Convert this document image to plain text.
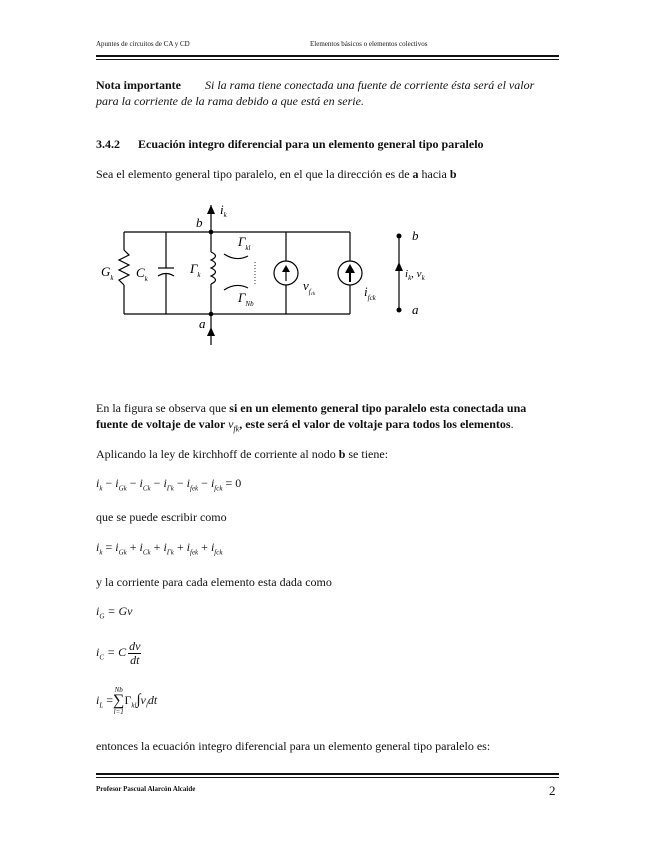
Apuntes de circuitos de CA y CD	Elementos básicos o elementos colectivos
Nota importante Si la rama tiene conectada una fuente de corriente ésta será el valor para la corriente de la rama debido a que está en serie.
3.4.2 Ecuación integro diferencial para un elemento general tipo paralelo
Sea el elemento general tipo paralelo, en el que la dirección es de a hacia b
b
a
$i_k$
$G_k$ $C_k$
$\Gamma_k$
$\Gamma_{kl}$
$\Gamma_{Nb}$
$v_fck$	$i_{fck}$
b
a
$i_k$, $v_k$
En la figura se observa que si en un elemento general tipo paralelo esta conectada una fuente de voltaje de valor $v_{fk}$, este será el valor de voltaje para todos los elementos.
Aplicando la ley de kirchhoff de corriente al nodo b se tiene:
$i_k - i_{Gk} - i_{Ck} - i_{\Gamma k} - i_{fek} - i_{fck} = 0$
que se puede escribir como
$i_k = i_{Gk} + i_{Ck} + i_{\Gamma k} + i_{fek} + i_{fck}$
y la corriente para cada elemento esta dada como
$i_G = Gv$
$i_C = C \frac{dv}{dt}$
$i_L$ =
Nb
∑
l=1
$\Gamma_{kl}\int v_ldt$
entonces la ecuación integro diferencial para un elemento general tipo paralelo es:
Profesor Pascual Alarcón Alcaide	2
